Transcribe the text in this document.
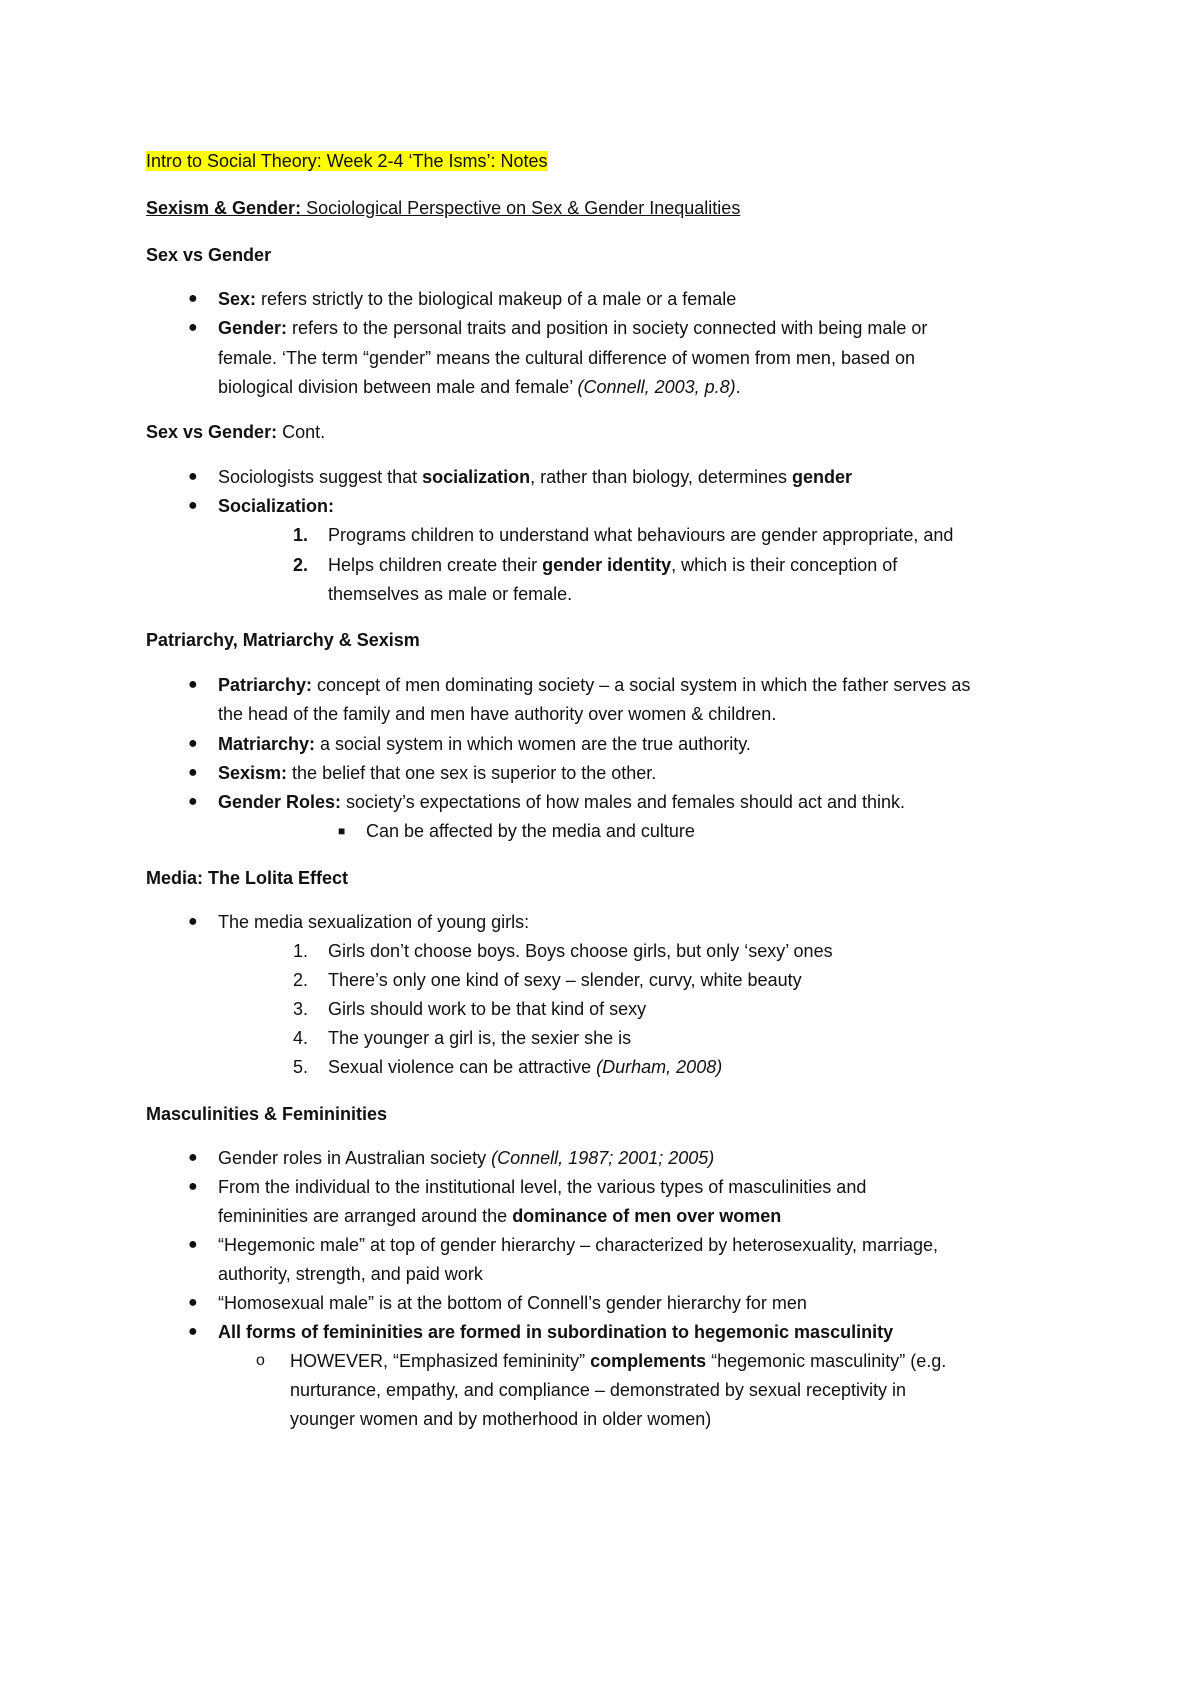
Intro to Social Theory: Week 2-4 ‘The Isms’: Notes
Sexism & Gender: Sociological Perspective on Sex & Gender Inequalities
Sex vs Gender
● Sex: refers strictly to the biological makeup of a male or a female
● Gender: refers to the personal traits and position in society connected with being male or
female. ‘The term “gender” means the cultural difference of women from men, based on
biological division between male and female’ (Connell, 2003, p.8).
Sex vs Gender: Cont.
● Sociologists suggest that socialization, rather than biology, determines gender
● Socialization:
1. Programs children to understand what behaviours are gender appropriate, and
2. Helps children create their gender identity, which is their conception of
themselves as male or female.
Patriarchy, Matriarchy & Sexism
● Patriarchy: concept of men dominating society – a social system in which the father serves as
the head of the family and men have authority over women & children.
● Matriarchy: a social system in which women are the true authority.
● Sexism: the belief that one sex is superior to the other.
● Gender Roles: society’s expectations of how males and females should act and think.
■ Can be affected by the media and culture
Media: The Lolita Effect
● The media sexualization of young girls:
1. Girls don’t choose boys. Boys choose girls, but only ‘sexy’ ones
2. There’s only one kind of sexy – slender, curvy, white beauty
3. Girls should work to be that kind of sexy
4. The younger a girl is, the sexier she is
5. Sexual violence can be attractive (Durham, 2008)
Masculinities & Femininities
● Gender roles in Australian society (Connell, 1987; 2001; 2005)
● From the individual to the institutional level, the various types of masculinities and
femininities are arranged around the dominance of men over women
● “Hegemonic male” at top of gender hierarchy – characterized by heterosexuality, marriage,
authority, strength, and paid work
● “Homosexual male” is at the bottom of Connell’s gender hierarchy for men
● All forms of femininities are formed in subordination to hegemonic masculinity
o HOWEVER, “Emphasized femininity” complements “hegemonic masculinity” (e.g.
nurturance, empathy, and compliance – demonstrated by sexual receptivity in
younger women and by motherhood in older women)
